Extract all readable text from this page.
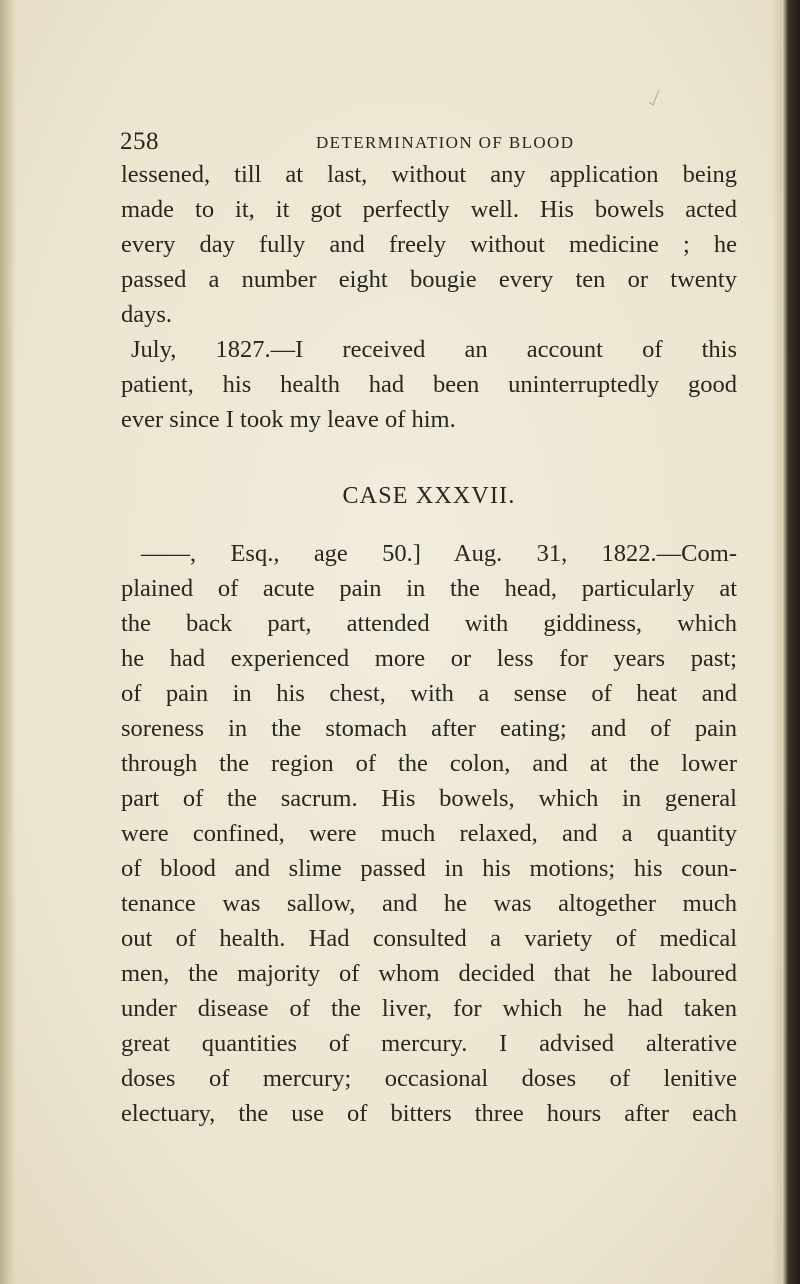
258	DETERMINATION OF BLOOD
lessened, till at last, without any application being
made to it, it got perfectly well. His bowels acted
every day fully and freely without medicine ; he
passed a number eight bougie every ten or twenty
days.
July, 1827.—I received an account of this
patient, his health had been uninterruptedly good
ever since I took my leave of him.
CASE XXXVII.
——, Esq., age 50.] Aug. 31, 1822.—Com-
plained of acute pain in the head, particularly at
the back part, attended with giddiness, which
he had experienced more or less for years past;
of pain in his chest, with a sense of heat and
soreness in the stomach after eating; and of pain
through the region of the colon, and at the lower
part of the sacrum. His bowels, which in general
were confined, were much relaxed, and a quantity
of blood and slime passed in his motions; his coun-
tenance was sallow, and he was altogether much
out of health. Had consulted a variety of medical
men, the majority of whom decided that he laboured
under disease of the liver, for which he had taken
great quantities of mercury. I advised alterative
doses of mercury; occasional doses of lenitive
electuary, the use of bitters three hours after each
